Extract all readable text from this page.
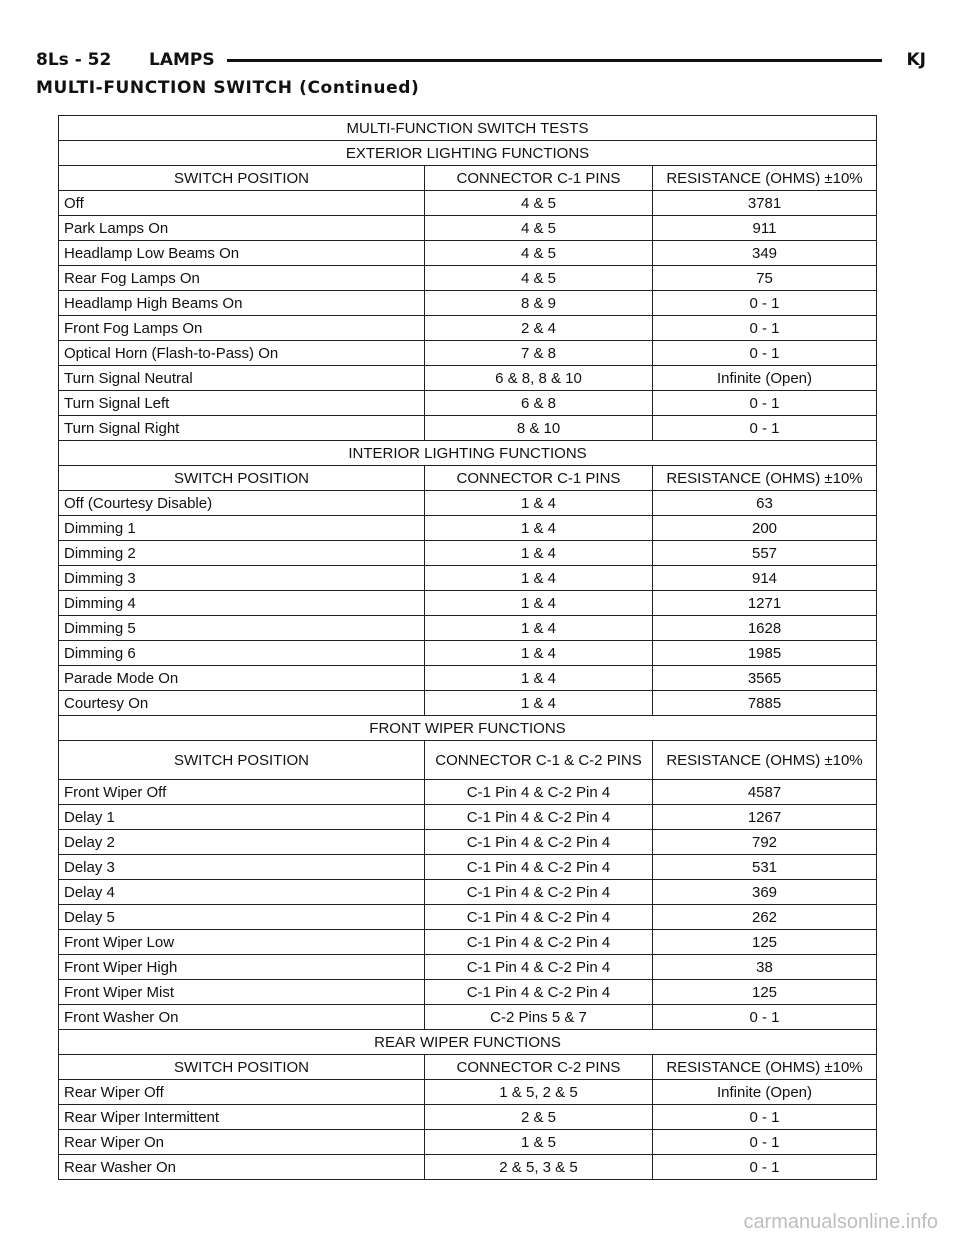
8Ls - 52 LAMPS	KJ
MULTI-FUNCTION SWITCH (Continued)
MULTI-FUNCTION SWITCH TESTS		
EXTERIOR LIGHTING FUNCTIONS		
SWITCH POSITION	CONNECTOR C-1 PINS	RESISTANCE (OHMS) ±10%
Off	4 & 5	3781
Park Lamps On	4 & 5	911
Headlamp Low Beams On	4 & 5	349
Rear Fog Lamps On	4 & 5	75
Headlamp High Beams On	8 & 9	0 - 1
Front Fog Lamps On	2 & 4	0 - 1
Optical Horn (Flash-to-Pass) On	7 & 8	0 - 1
Turn Signal Neutral	6 & 8, 8 & 10	Infinite (Open)
Turn Signal Left	6 & 8	0 - 1
Turn Signal Right	8 & 10	0 - 1
INTERIOR LIGHTING FUNCTIONS		
SWITCH POSITION	CONNECTOR C-1 PINS	RESISTANCE (OHMS) ±10%
Off (Courtesy Disable)	1 & 4	63
Dimming 1	1 & 4	200
Dimming 2	1 & 4	557
Dimming 3	1 & 4	914
Dimming 4	1 & 4	1271
Dimming 5	1 & 4	1628
Dimming 6	1 & 4	1985
Parade Mode On	1 & 4	3565
Courtesy On	1 & 4	7885
FRONT WIPER FUNCTIONS		
SWITCH POSITION	CONNECTOR C-1 & C-2 PINS	RESISTANCE (OHMS) ±10%
Front Wiper Off	C-1 Pin 4 & C-2 Pin 4	4587
Delay 1	C-1 Pin 4 & C-2 Pin 4	1267
Delay 2	C-1 Pin 4 & C-2 Pin 4	792
Delay 3	C-1 Pin 4 & C-2 Pin 4	531
Delay 4	C-1 Pin 4 & C-2 Pin 4	369
Delay 5	C-1 Pin 4 & C-2 Pin 4	262
Front Wiper Low	C-1 Pin 4 & C-2 Pin 4	125
Front Wiper High	C-1 Pin 4 & C-2 Pin 4	38
Front Wiper Mist	C-1 Pin 4 & C-2 Pin 4	125
Front Washer On	C-2 Pins 5 & 7	0 - 1
REAR WIPER FUNCTIONS		
SWITCH POSITION	CONNECTOR C-2 PINS	RESISTANCE (OHMS) ±10%
Rear Wiper Off	1 & 5, 2 & 5	Infinite (Open)
Rear Wiper Intermittent	2 & 5	0 - 1
Rear Wiper On	1 & 5	0 - 1
Rear Washer On	2 & 5, 3 & 5	0 - 1
carmanualsonline.info
